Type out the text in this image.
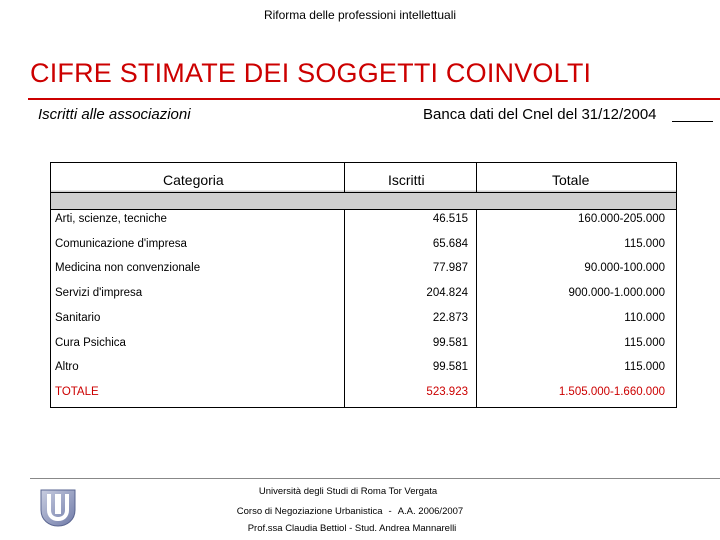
Riforma delle professioni intellettuali
CIFRE STIMATE DEI SOGGETTI COINVOLTI
Iscritti alle associazioni	Banca dati del Cnel del 31/12/2004
Categoria	Iscritti	Totale
Arti, scienze, tecniche	46.515	160.000-205.000
Comunicazione d'impresa	65.684	115.000
Medicina non convenzionale	77.987	90.000-100.000
Servizi d'impresa	204.824	900.000-1.000.000
Sanitario	22.873	110.000
Cura Psichica	99.581	115.000
Altro	99.581	115.000
TOTALE	523.923	1.505.000-1.660.000
Università degli Studi di Roma Tor Vergata
Corso di Negoziazione Urbanistica - A.A. 2006/2007
Prof.ssa Claudia Bettiol - Stud. Andrea Mannarelli
